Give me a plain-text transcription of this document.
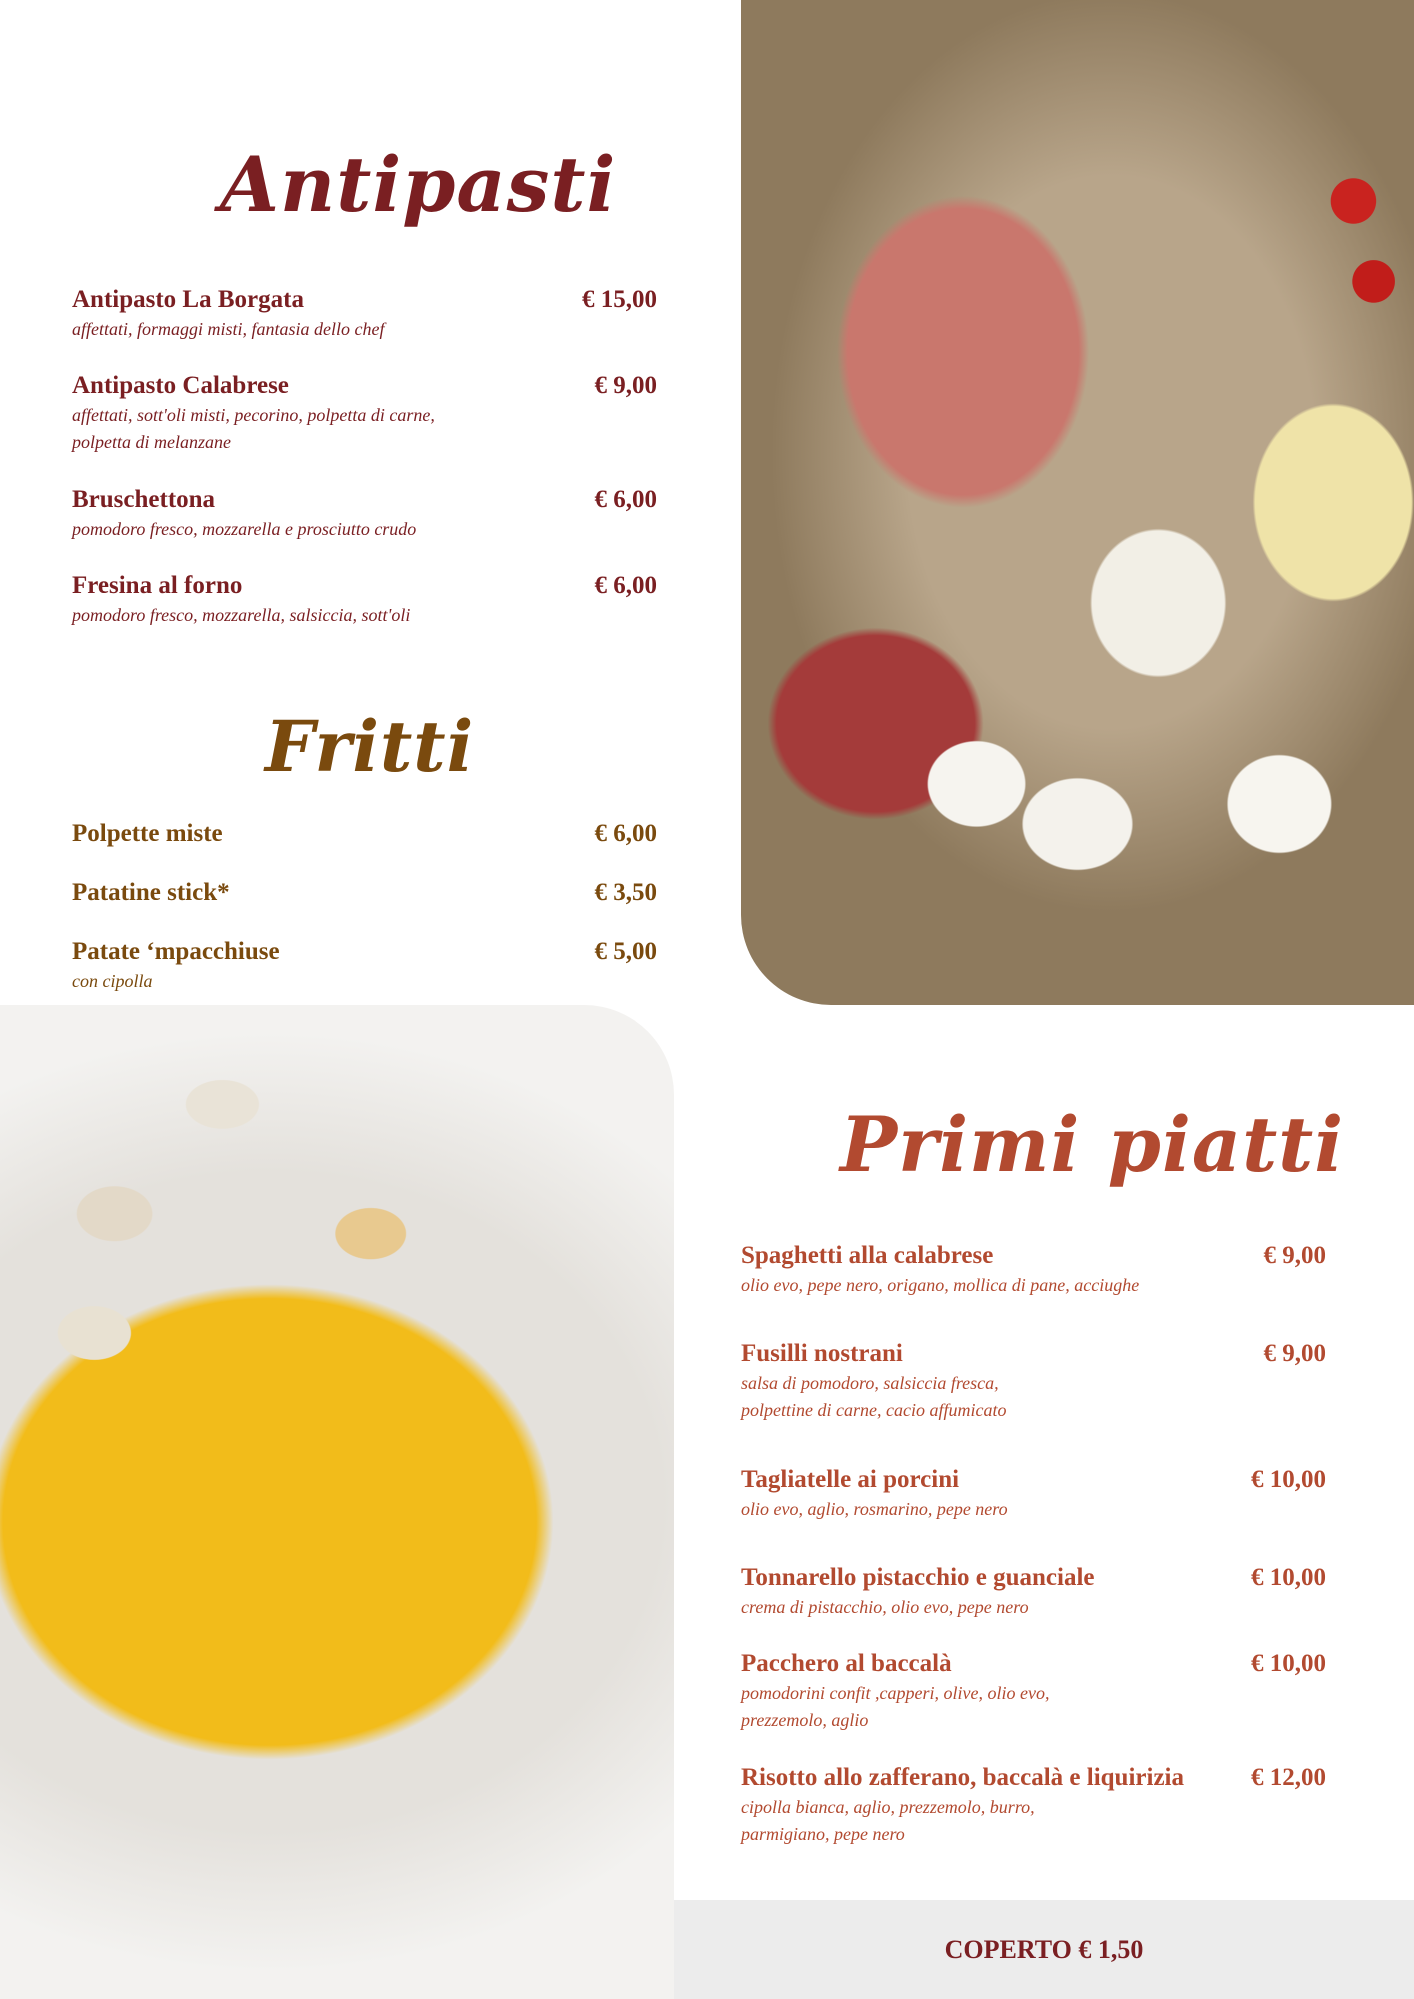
Antipasti
Antipasto La Borgata	€ 15,00
affettati, formaggi misti, fantasia dello chef
Antipasto Calabrese	€ 9,00
affettati, sott'oli misti, pecorino, polpetta di carne,
polpetta di melanzane
Bruschettona	€ 6,00
pomodoro fresco, mozzarella e prosciutto crudo
Fresina al forno	€ 6,00
pomodoro fresco, mozzarella, salsiccia, sott'oli
Fritti
Polpette miste	€ 6,00
Patatine stick*	€ 3,50
Patate ‘mpacchiuse	€ 5,00
con cipolla
Primi piatti
Spaghetti alla calabrese	€ 9,00
olio evo, pepe nero, origano, mollica di pane, acciughe
Fusilli nostrani	€ 9,00
salsa di pomodoro, salsiccia fresca,
polpettine di carne, cacio affumicato
Tagliatelle ai porcini	€ 10,00
olio evo, aglio, rosmarino, pepe nero
Tonnarello pistacchio e guanciale	€ 10,00
crema di pistacchio, olio evo, pepe nero
Pacchero al baccalà	€ 10,00
pomodorini confit ,capperi, olive, olio evo,
prezzemolo, aglio
Risotto allo zafferano, baccalà e liquirizia	€ 12,00
cipolla bianca, aglio, prezzemolo, burro,
parmigiano, pepe nero
COPERTO € 1,50
